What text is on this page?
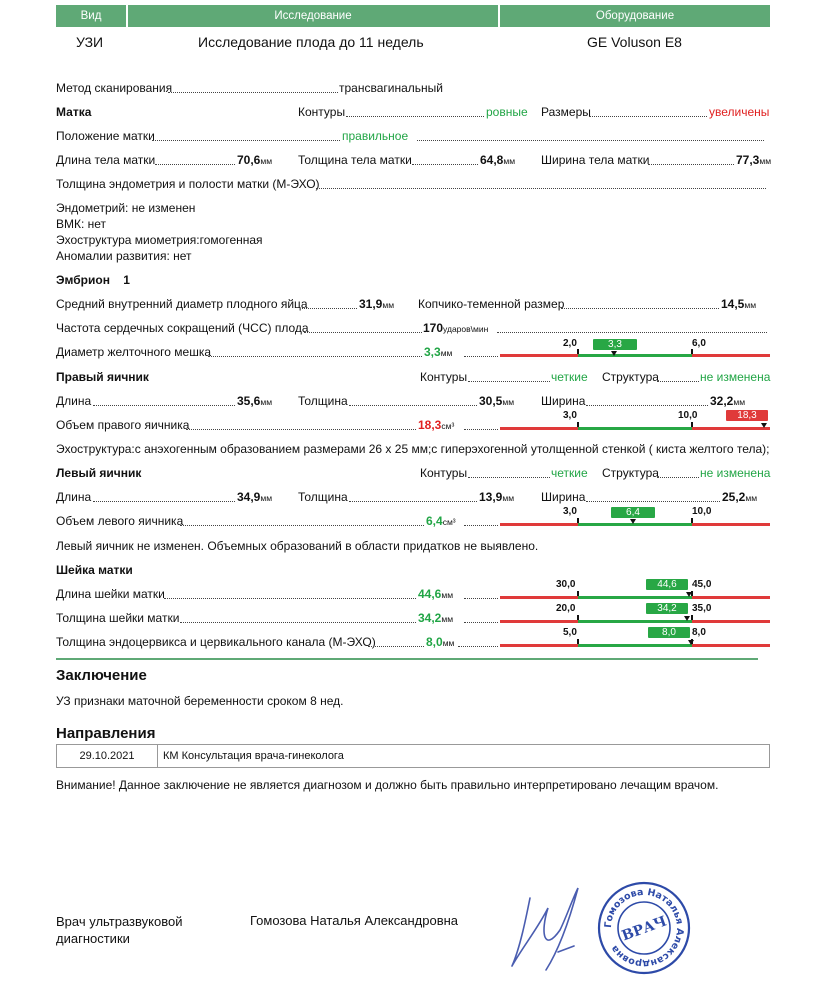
Вид	Исследование	Оборудование
УЗИ	Исследование плода до 11 недель	GE Voluson E8
Метод сканирования	трансвагинальный
Матка	Контуры	ровные Размеры	увеличены
Положение матки	правильное
Длина тела матки	70,6мм Толщина тела матки	64,8мм Ширина тела матки	77,3мм
Толщина эндометрия и полости матки (М-ЭХО)
Эндометрий: не изменен
ВМК: нет
Эхоструктура миометрия:гомогенная
Аномалии развития: нет
Эмбрион 1
Средний внутренний диаметр плодного яйца	31,9мм Копчико-теменной размер	14,5мм
Частота сердечных сокращений (ЧСС) плода	170ударов\мин
Диаметр желточного мешка	3,3мм
2,0	6,0
3,3
Правый яичник	Контуры	четкие Структура	не изменена
Длина	35,6мм Толщина	30,5мм Ширина	32,2мм
Объем правого яичника	18,3см³
3,0	10,0	18,3
Эхоструктура:с анэхогенным образованием размерами 26 х 25 мм;с гиперэхогенной утолщенной стенкой ( киста желтого тела);
Левый яичник	Контуры	четкие Структура	не изменена
Длина	34,9мм Толщина	13,9мм Ширина	25,2мм
Объем левого яичника	6,4см³
3,0	10,0
6,4
Левый яичник не изменен. Объемных образований в области придатков не выявлено.
Шейка матки
Длина шейки матки	44,6мм
30,0	45,0
44,6
Толщина шейки матки	34,2мм
20,0	35,0
34,2
Толщина эндоцервикса и цервикального канала (М-ЭХО)	8,0мм
5,0	8,0
8,0
Заключение
УЗ признаки маточной беременности сроком 8 нед.
Направления
29.10.2021	КМ Консультация врача-гинеколога
Внимание! Данное заключение не является диагнозом и должно быть правильно интерпретировано лечащим врачом.
Врач ультразвуковой
диагностики
Гомозова Наталья Александровна	Гомозова Наталья Александровна
ВРАЧ
